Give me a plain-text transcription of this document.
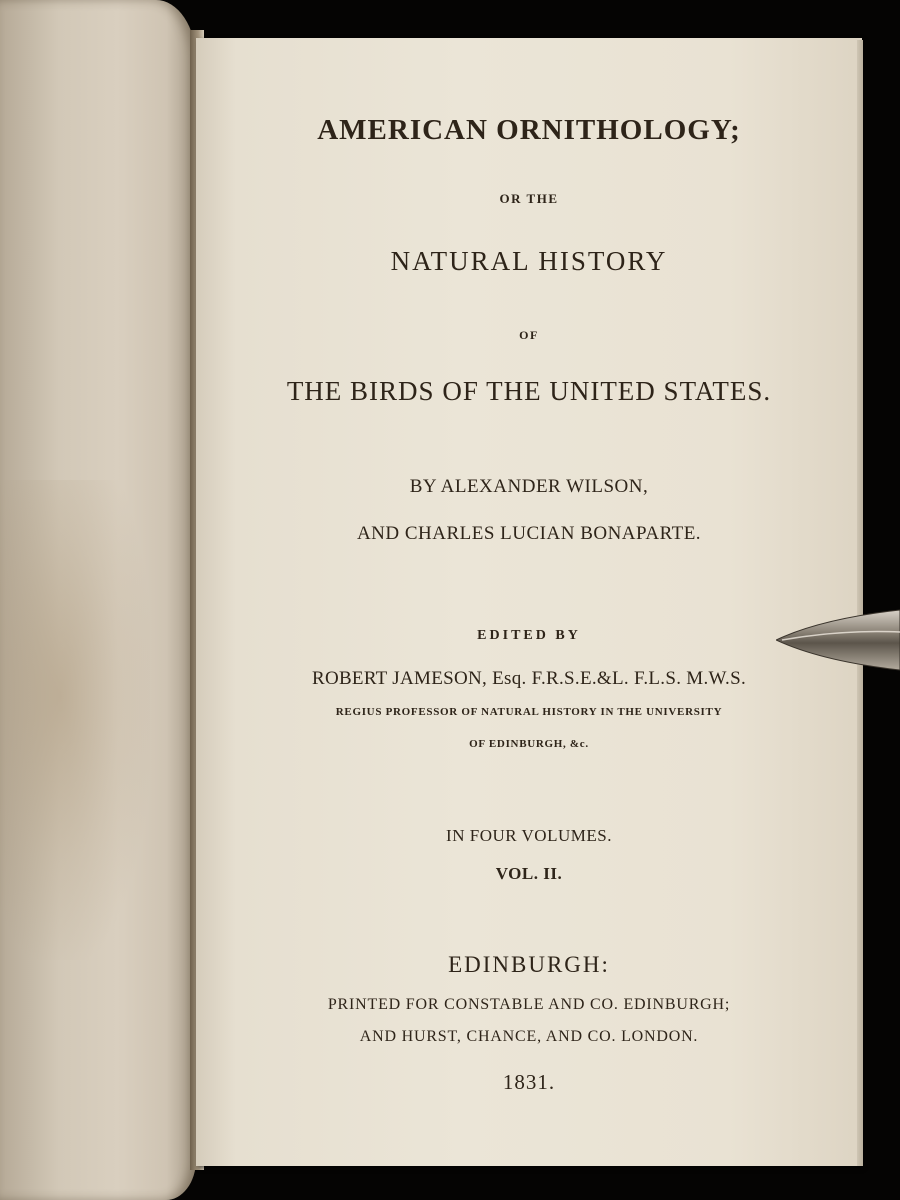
AMERICAN ORNITHOLOGY;
OR THE
NATURAL HISTORY
OF
THE BIRDS OF THE UNITED STATES.
BY ALEXANDER WILSON,
AND CHARLES LUCIAN BONAPARTE.
EDITED BY
ROBERT JAMESON, Esq. F.R.S.E.&L. F.L.S. M.W.S.
REGIUS PROFESSOR OF NATURAL HISTORY IN THE UNIVERSITY
OF EDINBURGH, &c.
IN FOUR VOLUMES.
VOL. II.
EDINBURGH:
PRINTED FOR CONSTABLE AND CO. EDINBURGH;
AND HURST, CHANCE, AND CO. LONDON.
1831.
